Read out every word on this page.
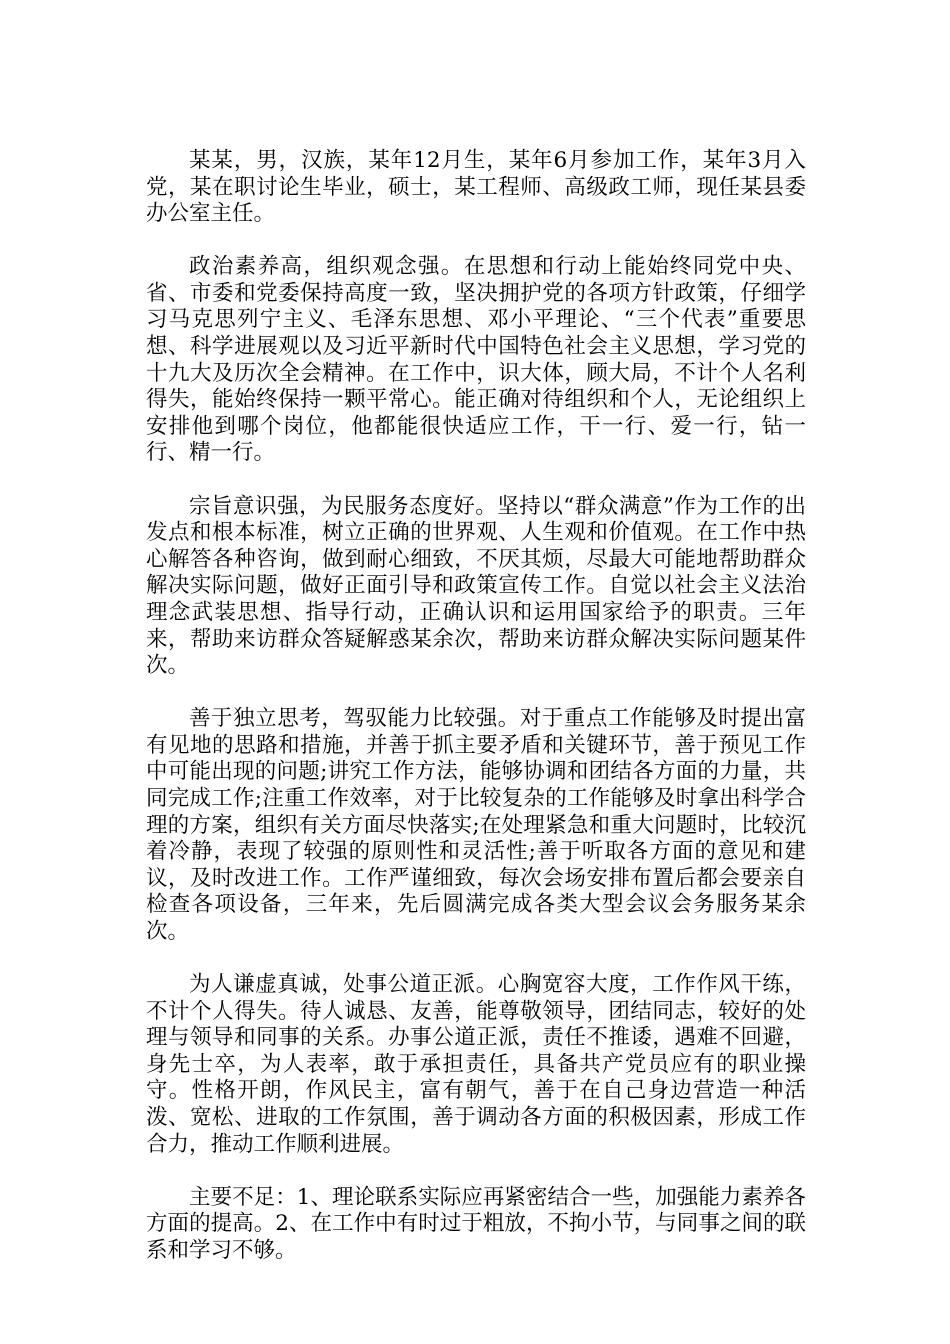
某某，男，汉族，某年12月生，某年6月参加工作，某年3月入党，某在职讨论生毕业，硕士，某工程师、高级政工师，现任某县委办公室主任。

政治素养高，组织观念强。在思想和行动上能始终同党中央、省、市委和党委保持高度一致，坚决拥护党的各项方针政策，仔细学习马克思列宁主义、毛泽东思想、邓小平理论、“三个代表”重要思想、科学进展观以及习近平新时代中国特色社会主义思想，学习党的十九大及历次全会精神。在工作中，识大体，顾大局，不计个人名利得失，能始终保持一颗平常心。能正确对待组织和个人，无论组织上安排他到哪个岗位，他都能很快适应工作，干一行、爱一行，钻一行、精一行。

宗旨意识强，为民服务态度好。坚持以“群众满意”作为工作的出发点和根本标准，树立正确的世界观、人生观和价值观。在工作中热心解答各种咨询，做到耐心细致，不厌其烦，尽最大可能地帮助群众解决实际问题，做好正面引导和政策宣传工作。自觉以社会主义法治理念武装思想、指导行动，正确认识和运用国家给予的职责。三年来，帮助来访群众答疑解惑某余次，帮助来访群众解决实际问题某件次。

善于独立思考，驾驭能力比较强。对于重点工作能够及时提出富有见地的思路和措施，并善于抓主要矛盾和关键环节，善于预见工作中可能出现的问题;讲究工作方法，能够协调和团结各方面的力量，共同完成工作;注重工作效率，对于比较复杂的工作能够及时拿出科学合理的方案，组织有关方面尽快落实;在处理紧急和重大问题时，比较沉着冷静，表现了较强的原则性和灵活性;善于听取各方面的意见和建议，及时改进工作。工作严谨细致，每次会场安排布置后都会要亲自检查各项设备，三年来，先后圆满完成各类大型会议会务服务某余次。

为人谦虚真诚，处事公道正派。心胸宽容大度，工作作风干练，不计个人得失。待人诚恳、友善，能尊敬领导，团结同志，较好的处理与领导和同事的关系。办事公道正派，责任不推诿，遇难不回避，身先士卒，为人表率，敢于承担责任，具备共产党员应有的职业操守。性格开朗，作风民主，富有朝气，善于在自己身边营造一种活泼、宽松、进取的工作氛围，善于调动各方面的积极因素，形成工作合力，推动工作顺利进展。

主要不足：1、理论联系实际应再紧密结合一些，加强能力素养各方面的提高。2、在工作中有时过于粗放，不拘小节，与同事之间的联系和学习不够。
